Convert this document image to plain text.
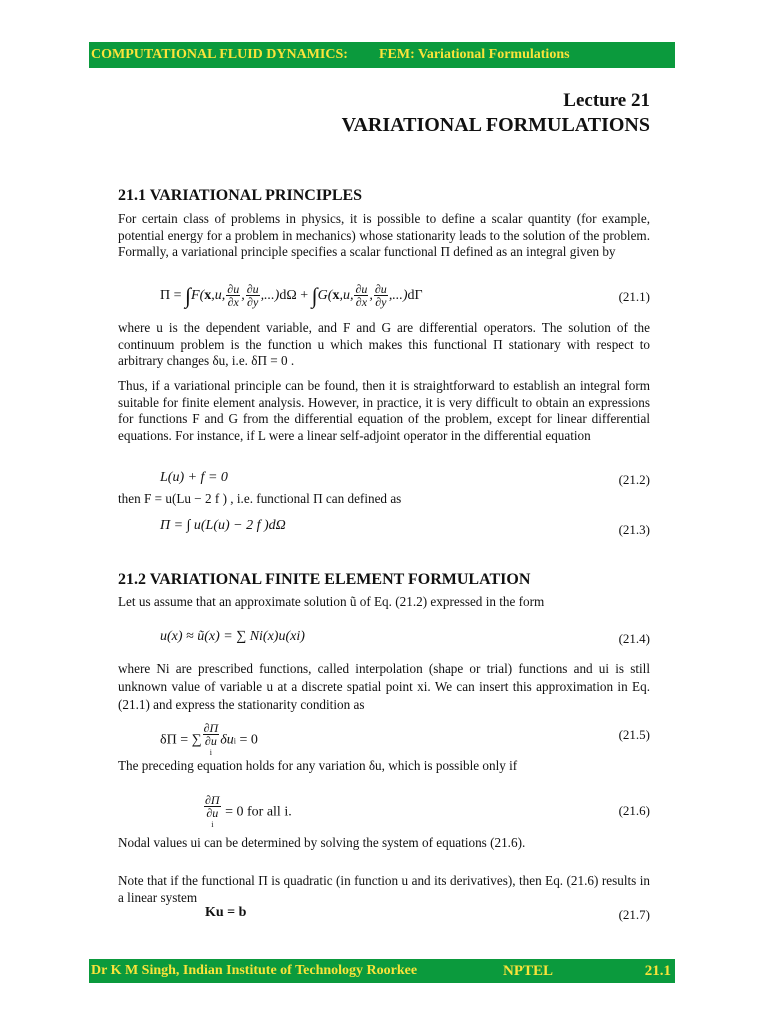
COMPUTATIONAL FLUID DYNAMICS: FEM: Variational Formulations
Lecture 21
VARIATIONAL FORMULATIONS
21.1 VARIATIONAL PRINCIPLES
For certain class of problems in physics, it is possible to define a scalar quantity (for example, potential energy for a problem in mechanics) whose stationarity leads to the solution of the problem. Formally, a variational principle specifies a scalar functional Π defined as an integral given by
Π = ∫F(x,u, $\frac{\partial u}{\partial x}$ , $\frac{\partial u}{\partial y} ,...)d\Omega + \int G(x,u$, $\frac{\partial u}{\partial x}$ , $\frac{\partial u}{\partial y} ,...)d\Gamma$	(21.1)
where u is the dependent variable, and F and G are differential operators. The solution of the continuum problem is the function u which makes this functional Π stationary with respect to arbitrary changes δu, i.e. δΠ = 0 .
Thus, if a variational principle can be found, then it is straightforward to establish an integral form suitable for finite element analysis. However, in practice, it is very difficult to obtain an expressions for functions F and G from the differential equation of the problem, except for linear differential equations. For instance, if L were a linear self-adjoint operator in the differential equation
L(u) + f = 0	(21.2)
then F = u(Lu − 2 f ) , i.e. functional Π can defined as
Π = ∫ u(L(u) − 2 f )dΩ	(21.3)
21.2 VARIATIONAL FINITE ELEMENT FORMULATION
Let us assume that an approximate solution ũ of Eq. (21.2) expressed in the form
u(x) ≈ ũ(x) = ∑ Ni(x)u(xi)	(21.4)
where Ni are prescribed functions, called interpolation (shape or trial) functions and ui is still unknown value of variable u at a discrete spatial point xi. We can insert this approximation in Eq. (21.1) and express the stationarity condition as
δΠ = ∑ ∂Π
∂u
i δui = 0	(21.5)
The preceding equation holds for any variation δu, which is possible only if
∂Π
∂u
i = 0 for all i.	(21.6)
Nodal values ui can be determined by solving the system of equations (21.6).
Note that if the functional Π is quadratic (in function u and its derivatives), then Eq. (21.6) results in a linear system
Ku = b	(21.7)
Dr K M Singh, Indian Institute of Technology Roorkee	NPTEL	21.1
